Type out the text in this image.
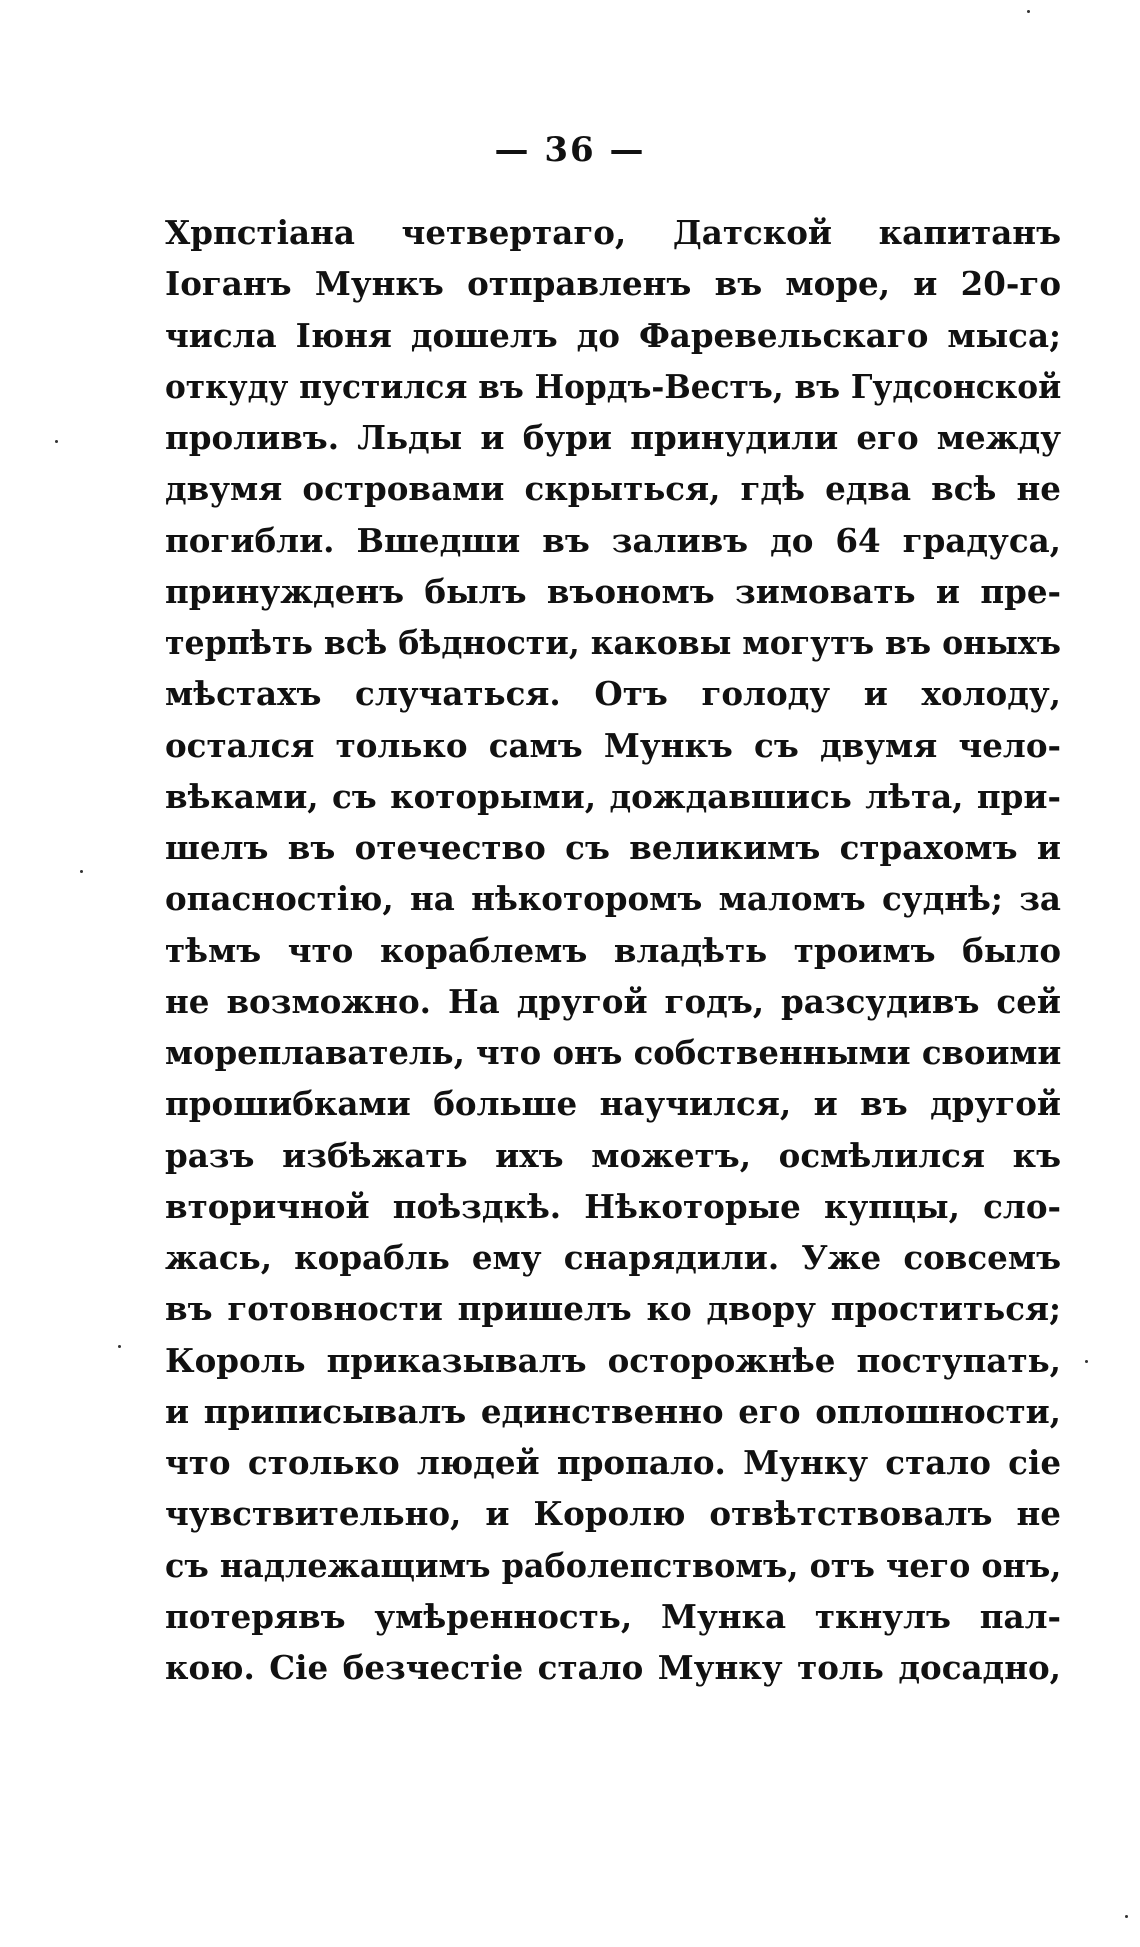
— 36 —
Хрпстіана четвертаго, Датской капитанъ
Іоганъ Мункъ отправленъ въ море, и 20-го
числа Іюня дошелъ до Фаревельскаго мыса;
откуду пустился въ Нордъ-Вестъ, въ Гудсонской
проливъ. Льды и бури принудили его между
двумя островами скрыться, гдѣ едва всѣ не
погибли. Вшедши въ заливъ до 64 градуса,
принужденъ былъ въономъ зимовать и пре-
терпѣть всѣ бѣдности, каковы могутъ въ оныхъ
мѣстахъ случаться. Отъ голоду и холоду,
остался только самъ Мункъ съ двумя чело-
вѣками, съ которыми, дождавшись лѣта, при-
шелъ въ отечество съ великимъ страхомъ и
опасностію, на нѣкоторомъ маломъ суднѣ; за
тѣмъ что кораблемъ владѣть троимъ было
не возможно. На другой годъ, разсудивъ сей
мореплаватель, что онъ собственными своими
прошибками больше научился, и въ другой
разъ избѣжать ихъ можетъ, осмѣлился къ
вторичной поѣздкѣ. Нѣкоторые купцы, сло-
жась, корабль ему снарядили. Уже совсемъ
въ готовности пришелъ ко двору проститься;
Король приказывалъ осторожнѣе поступать,
и приписывалъ единственно его оплошности,
что столько людей пропало. Мунку стало сіе
чувствительно, и Королю отвѣтствовалъ не
съ надлежащимъ раболепствомъ, отъ чего онъ,
потерявъ умѣренность, Мунка ткнулъ пал-
кою. Сіе безчестіе стало Мунку толь досадно,
